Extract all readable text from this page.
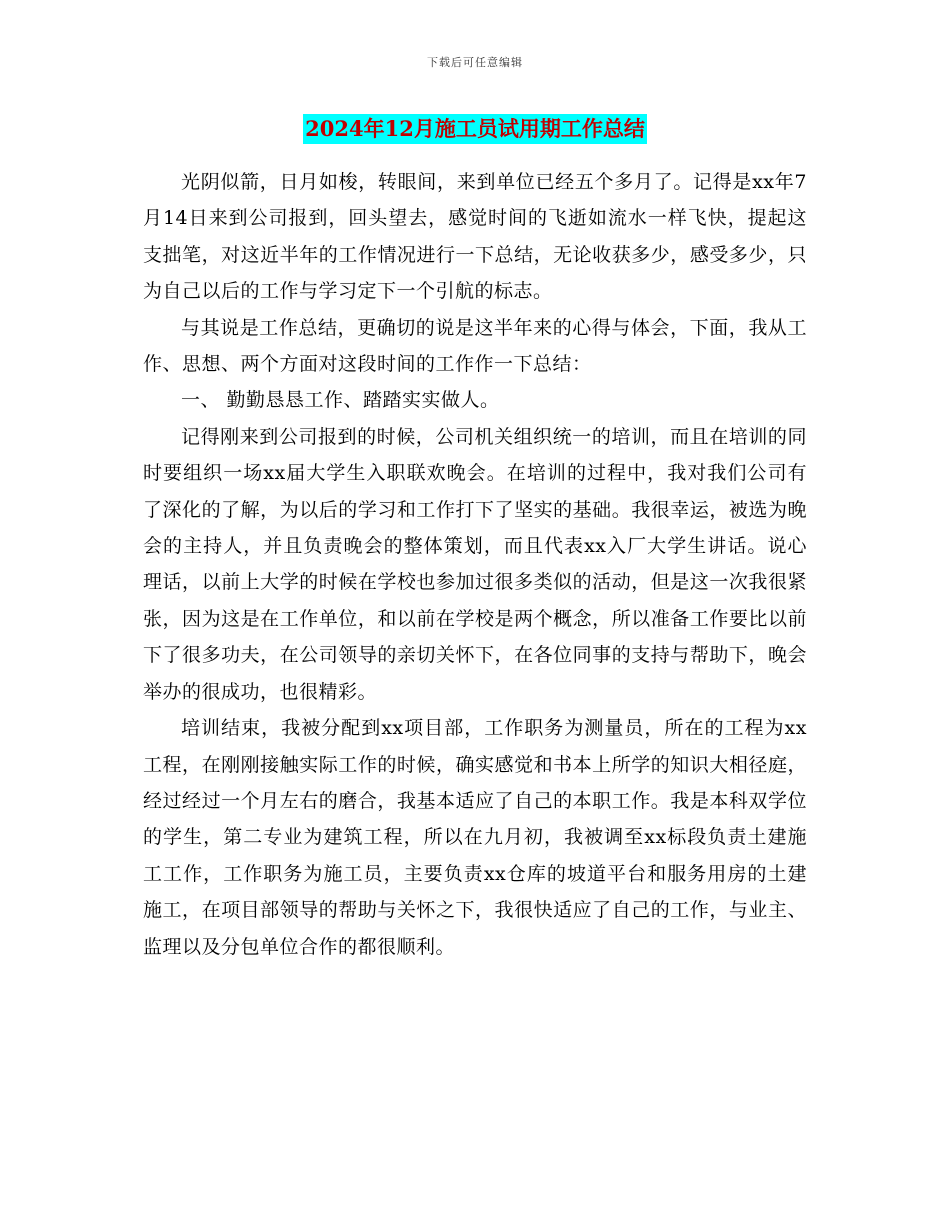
下载后可任意编辑
2024年12月施工员试用期工作总结

光阴似箭，日月如梭，转眼间，来到单位已经五个多月了。记得是xx年7月14日来到公司报到，回头望去，感觉时间的飞逝如流水一样飞快，提起这支拙笔，对这近半年的工作情况进行一下总结，无论收获多少，感受多少，只为自己以后的工作与学习定下一个引航的标志。

与其说是工作总结，更确切的说是这半年来的心得与体会，下面，我从工作、思想、两个方面对这段时间的工作作一下总结：

一、 勤勤恳恳工作、踏踏实实做人。

记得刚来到公司报到的时候，公司机关组织统一的培训，而且在培训的同时要组织一场xx届大学生入职联欢晚会。在培训的过程中，我对我们公司有了深化的了解，为以后的学习和工作打下了坚实的基础。我很幸运，被选为晚会的主持人，并且负责晚会的整体策划，而且代表xx入厂大学生讲话。说心理话，以前上大学的时候在学校也参加过很多类似的活动，但是这一次我很紧张，因为这是在工作单位，和以前在学校是两个概念，所以准备工作要比以前下了很多功夫，在公司领导的亲切关怀下，在各位同事的支持与帮助下，晚会举办的很成功，也很精彩。

培训结束，我被分配到xx项目部，工作职务为测量员，所在的工程为xx工程，在刚刚接触实际工作的时候，确实感觉和书本上所学的知识大相径庭，经过经过一个月左右的磨合，我基本适应了自己的本职工作。我是本科双学位的学生，第二专业为建筑工程，所以在九月初，我被调至xx标段负责土建施工工作，工作职务为施工员，主要负责xx仓库的坡道平台和服务用房的土建施工，在项目部领导的帮助与关怀之下，我很快适应了自己的工作，与业主、监理以及分包单位合作的都很顺利。
